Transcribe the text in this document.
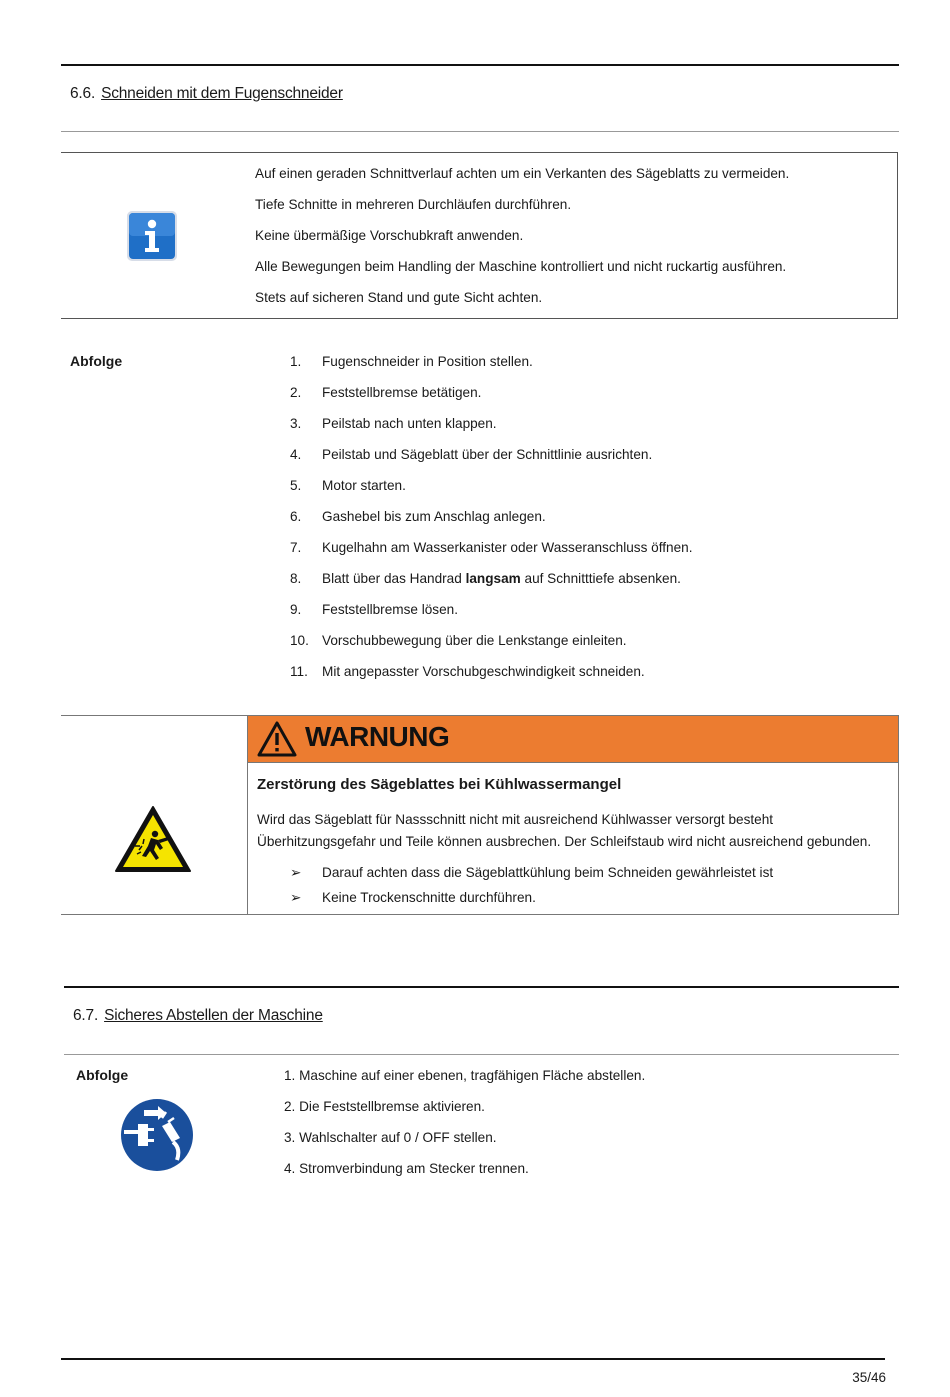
6.6. Schneiden mit dem Fugenschneider
Auf einen geraden Schnittverlauf achten um ein Verkanten des Sägeblatts zu vermeiden.
Tiefe Schnitte in mehreren Durchläufen durchführen.
Keine übermäßige Vorschubkraft anwenden.
Alle Bewegungen beim Handling der Maschine kontrolliert und nicht ruckartig ausführen.
Stets auf sicheren Stand und gute Sicht achten.
Abfolge	1. Fugenschneider in Position stellen.
2. Feststellbremse betätigen.
3. Peilstab nach unten klappen.
4. Peilstab und Sägeblatt über der Schnittlinie ausrichten.
5. Motor starten.
6. Gashebel bis zum Anschlag anlegen.
7. Kugelhahn am Wasserkanister oder Wasseranschluss öffnen.
8. Blatt über das Handrad langsam auf Schnitttiefe absenken.
9. Feststellbremse lösen.
10. Vorschubbewegung über die Lenkstange einleiten.
11. Mit angepasster Vorschubgeschwindigkeit schneiden.
WARNUNG
Zerstörung des Sägeblattes bei Kühlwassermangel
Wird das Sägeblatt für Nassschnitt nicht mit ausreichend Kühlwasser versorgt besteht Überhitzungsgefahr und Teile können ausbrechen. Der Schleifstaub wird nicht ausreichend gebunden.
➢ Darauf achten dass die Sägeblattkühlung beim Schneiden gewährleistet ist
➢ Keine Trockenschnitte durchführen.
6.7. Sicheres Abstellen der Maschine
Abfolge	1. Maschine auf einer ebenen, tragfähigen Fläche abstellen.
2. Die Feststellbremse aktivieren.
3. Wahlschalter auf 0 / OFF stellen.
4. Stromverbindung am Stecker trennen.
35/46
